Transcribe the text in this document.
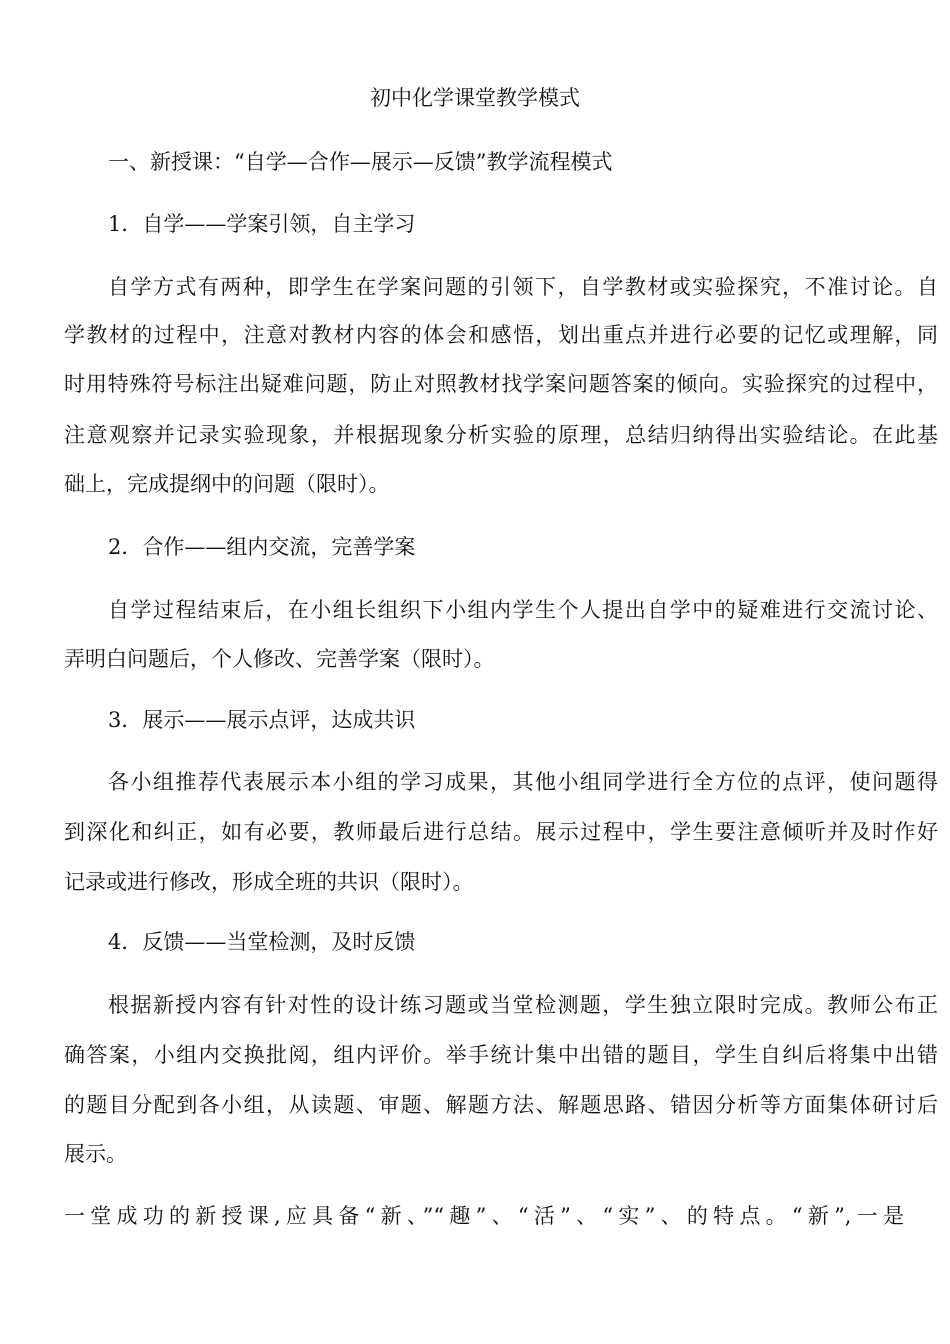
初中化学课堂教学模式

一、新授课：“自学—合作—展示—反馈”教学流程模式

1．自学——学案引领，自主学习

自学方式有两种，即学生在学案问题的引领下，自学教材或实验探究，不准讨论。自

学教材的过程中，注意对教材内容的体会和感悟，划出重点并进行必要的记忆或理解，同

时用特殊符号标注出疑难问题，防止对照教材找学案问题答案的倾向。实验探究的过程中，

注意观察并记录实验现象，并根据现象分析实验的原理，总结归纳得出实验结论。在此基

础上，完成提纲中的问题（限时）。

2．合作——组内交流，完善学案

自学过程结束后，在小组长组织下小组内学生个人提出自学中的疑难进行交流讨论、

弄明白问题后，个人修改、完善学案（限时）。

3．展示——展示点评，达成共识

各小组推荐代表展示本小组的学习成果，其他小组同学进行全方位的点评，使问题得

到深化和纠正，如有必要，教师最后进行总结。展示过程中，学生要注意倾听并及时作好

记录或进行修改，形成全班的共识（限时）。

4．反馈——当堂检测，及时反馈

根据新授内容有针对性的设计练习题或当堂检测题，学生独立限时完成。教师公布正

确答案，小组内交换批阅，组内评价。举手统计集中出错的题目，学生自纠后将集中出错

的题目分配到各小组，从读题、审题、解题方法、解题思路、错因分析等方面集体研讨后

展示。

一堂成功的新授课,应具备“新、”“趣”、“活”、“实”、的特点。“新”,一是
